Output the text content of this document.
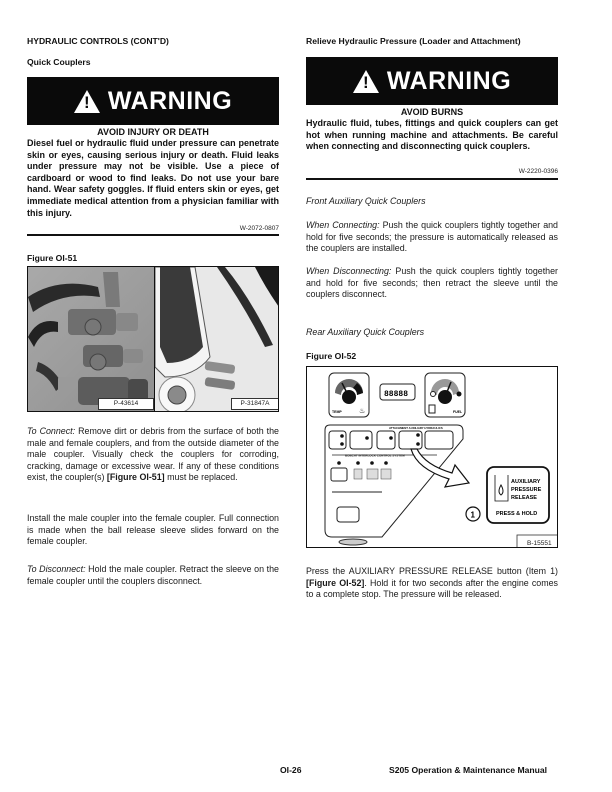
HYDRAULIC CONTROLS (CONT'D)
Quick Couplers
! WARNING
AVOID INJURY OR DEATH
Diesel fuel or hydraulic fluid under pressure can penetrate skin or eyes, causing serious injury or death. Fluid leaks under pressure may not be visible. Use a piece of cardboard or wood to find leaks. Do not use your bare hand. Wear safety goggles. If fluid enters skin or eyes, get immediate medical attention from a physician familiar with this injury.
W-2072-0807
Figure OI-51
P-43614	P-31847A
To Connect: Remove dirt or debris from the surface of both the male and female couplers, and from the outside diameter of the male coupler. Visually check the couplers for corroding, cracking, damage or excessive wear. If any of these conditions exist, the coupler(s) [Figure OI-51] must be replaced.
Install the male coupler into the female coupler. Full connection is made when the ball release sleeve slides forward on the female coupler.
To Disconnect: Hold the male coupler. Retract the sleeve on the female coupler until the couplers disconnect.
Relieve Hydraulic Pressure (Loader and Attachment)
! WARNING
AVOID BURNS
Hydraulic fluid, tubes, fittings and quick couplers can get hot when running machine and attachments. Be careful when connecting and disconnecting quick couplers.
W-2220-0396
Front Auxiliary Quick Couplers
When Connecting: Push the quick couplers tightly together and hold for five seconds; the pressure is automatically released as the couplers are installed.
When Disconnecting: Push the quick couplers tightly together and hold for five seconds; then retract the sleeve until the couplers disconnect.
Rear Auxiliary Quick Couplers
Figure OI-52
TEMP ♨
88888
FUEL
ATTACHMENT AUXILIARY HYDRAULICS
BOBCAT INTERLOCK CONTROL SYSTEM
AUXILIARY
PRESSURE
RELEASE
PRESS & HOLD
1
B-15551
Press the AUXILIARY PRESSURE RELEASE button (Item 1) [Figure OI-52]. Hold it for two seconds after the engine comes to a complete stop. The pressure will be released.
OI-26	S205 Operation & Maintenance Manual
